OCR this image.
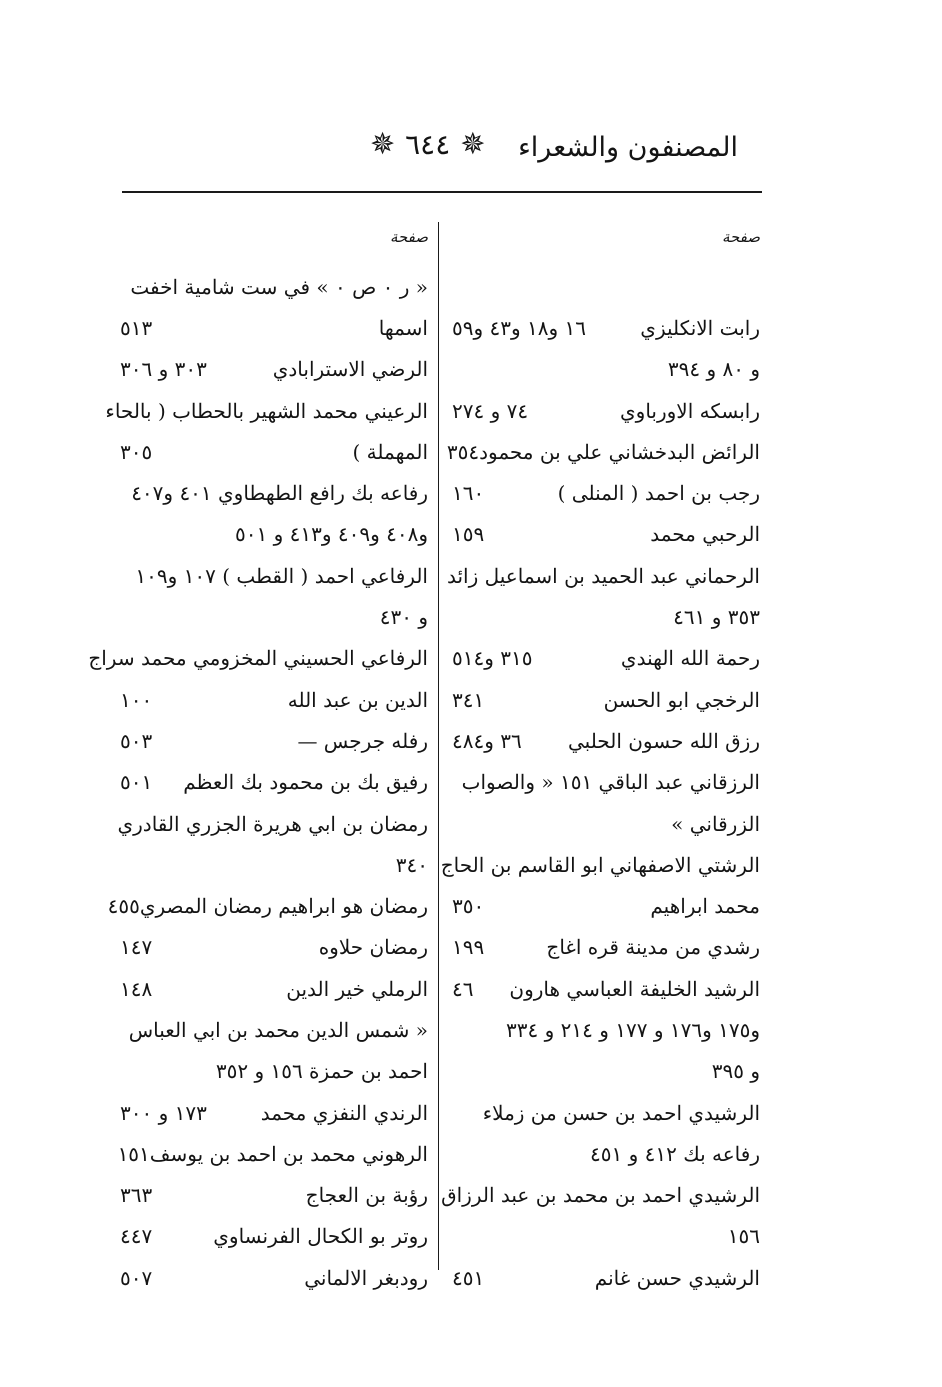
المصنفون والشعراء
✵ ٦٤٤ ✵
صفحة
رابت الانكليزي
١٦ و١٨ و٤٣ و٥٩
و ٨٠ و ٣٩٤
رابسكه الاورباوي
٧٤ و ٢٧٤
الرائض البدخشاني علي بن محمود
٣٥٤
رجب بن احمد ( المنلى )
١٦٠
الرحبي محمد
١٥٩
الرحماني عبد الحميد بن اسماعيل زائد
٣٥٣ و ٤٦١
رحمة الله الهندي
٣١٥ و٥١٤
الرخجي ابو الحسن
٣٤١
رزق الله حسون الحلبي
٣٦ و٤٨٤
الرزقاني عبد الباقي ١٥١ « والصواب
الزرقاني »
الرشتي الاصفهاني ابو القاسم بن الحاج
محمد ابراهيم
٣٥٠
رشدي من مدينة قره اغاج
١٩٩
الرشيد الخليفة العباسي هارون
٤٦
و١٧٥ و١٧٦ و ١٧٧ و ٢١٤ و ٣٣٤
و ٣٩٥
الرشيدي احمد بن حسن من زملاء
رفاعه بك ٤١٢ و ٤٥١
الرشيدي احمد بن محمد بن عبد الرزاق
١٥٦
الرشيدي حسن غانم
٤٥١
صفحة
« ر ٠ ص ٠ » في ست شامية اخفت
اسمها
٥١٣
الرضي الاسترابادي
٣٠٣ و ٣٠٦
الرعيني محمد الشهير بالحطاب ( بالحاء
المهملة )
٣٠٥
رفاعه بك رافع الطهطاوي ٤٠١ و٤٠٧
و٤٠٨ و٤٠٩ و٤١٣ و ٥٠١
الرفاعي احمد ( القطب ) ١٠٧ و١٠٩
و ٤٣٠
الرفاعي الحسيني المخزومي محمد سراج
الدين بن عبد الله
١٠٠
رفله جرجس —
٥٠٣
رفيق بك بن محمود بك العظم
٥٠١
رمضان بن ابي هريرة الجزري القادري
٣٤٠
رمضان هو ابراهيم رمضان المصري
٤٥٥
رمضان حلاوه
١٤٧
الرملي خير الدين
١٤٨
« شمس الدين محمد بن ابي العباس
احمد بن حمزة ١٥٦ و ٣٥٢
الرندي النفزي محمد
١٧٣ و ٣٠٠
الرهوني محمد بن احمد بن يوسف
١٥١
رؤبة بن العجاج
٣٦٣
روتر بو الكحال الفرنساوي
٤٤٧
رودبغر الالماني
٥٠٧
